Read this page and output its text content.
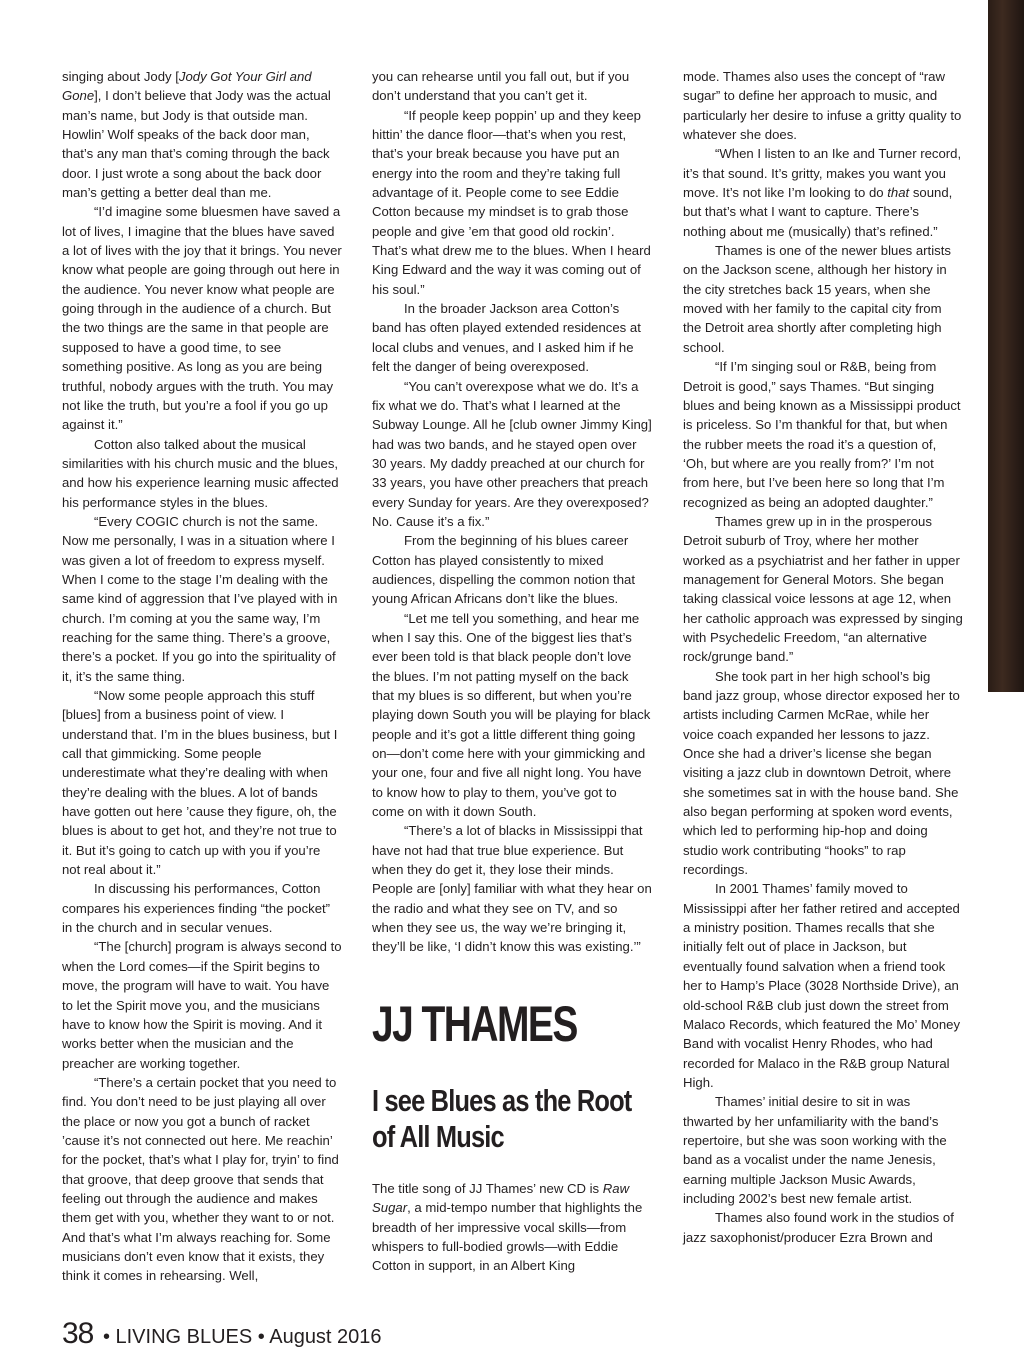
singing about Jody [Jody Got Your Girl and Gone], I don’t believe that Jody was the actual man’s name, but Jody is that outside man. Howlin’ Wolf speaks of the back door man, that’s any man that’s coming through the back door. I just wrote a song about the back door man’s getting a better deal than me.

“I’d imagine some bluesmen have saved a lot of lives, I imagine that the blues have saved a lot of lives with the joy that it brings. You never know what people are going through out here in the audience. You never know what people are going through in the audience of a church. But the two things are the same in that people are supposed to have a good time, to see something positive. As long as you are being truthful, nobody argues with the truth. You may not like the truth, but you’re a fool if you go up against it.”

Cotton also talked about the musical similarities with his church music and the blues, and how his experience learning music affected his performance styles in the blues.

“Every COGIC church is not the same. Now me personally, I was in a situation where I was given a lot of freedom to express myself. When I come to the stage I’m dealing with the same kind of aggression that I’ve played with in church. I’m coming at you the same way, I’m reaching for the same thing. There’s a groove, there’s a pocket. If you go into the spirituality of it, it’s the same thing.

“Now some people approach this stuff [blues] from a business point of view. I understand that. I’m in the blues business, but I call that gimmicking. Some people underestimate what they’re dealing with when they’re dealing with the blues. A lot of bands have gotten out here ’cause they figure, oh, the blues is about to get hot, and they’re not true to it. But it’s going to catch up with you if you’re not real about it.”

In discussing his performances, Cotton compares his experiences finding “the pocket” in the church and in secular venues.

“The [church] program is always second to when the Lord comes—if the Spirit begins to move, the program will have to wait. You have to let the Spirit move you, and the musicians have to know how the Spirit is moving. And it works better when the musician and the preacher are working together.

“There’s a certain pocket that you need to find. You don’t need to be just playing all over the place or now you got a bunch of racket ’cause it’s not connected out here. Me reachin’ for the pocket, that’s what I play for, tryin’ to find that groove, that deep groove that sends that feeling out through the audience and makes them get with you, whether they want to or not. And that’s what I’m always reaching for. Some musicians don’t even know that it exists, they think it comes in rehearsing. Well,

you can rehearse until you fall out, but if you don’t understand that you can’t get it.

“If people keep poppin’ up and they keep hittin’ the dance floor—that’s when you rest, that’s your break because you have put an energy into the room and they’re taking full advantage of it. People come to see Eddie Cotton because my mindset is to grab those people and give ’em that good old rockin’. That’s what drew me to the blues. When I heard King Edward and the way it was coming out of his soul.”

In the broader Jackson area Cotton’s band has often played extended residences at local clubs and venues, and I asked him if he felt the danger of being overexposed.

“You can’t overexpose what we do. It’s a fix what we do. That’s what I learned at the Subway Lounge. All he [club owner Jimmy King] had was two bands, and he stayed open over 30 years. My daddy preached at our church for 33 years, you have other preachers that preach every Sunday for years. Are they overexposed? No. Cause it’s a fix.”

From the beginning of his blues career Cotton has played consistently to mixed audiences, dispelling the common notion that young African Africans don’t like the blues.

“Let me tell you something, and hear me when I say this. One of the biggest lies that’s ever been told is that black people don’t love the blues. I’m not patting myself on the back that my blues is so different, but when you’re playing down South you will be playing for black people and it’s got a little different thing going on—don’t come here with your gimmicking and your one, four and five all night long. You have to know how to play to them, you’ve got to come on with it down South.

“There’s a lot of blacks in Mississippi that have not had that true blue experience. But when they do get it, they lose their minds. People are [only] familiar with what they hear on the radio and what they see on TV, and so when they see us, the way we’re bringing it, they’ll be like, ‘I didn’t know this was existing.’”

JJ THAMES
I see Blues as the Root of All Music

The title song of JJ Thames’ new CD is Raw Sugar, a mid-tempo number that highlights the breadth of her impressive vocal skills—from whispers to full-bodied growls—with Eddie Cotton in support, in an Albert King

mode. Thames also uses the concept of “raw sugar” to define her approach to music, and particularly her desire to infuse a gritty quality to whatever she does.

“When I listen to an Ike and Turner record, it’s that sound. It’s gritty, makes you want you move. It’s not like I’m looking to do that sound, but that’s what I want to capture. There’s nothing about me (musically) that’s refined.”

Thames is one of the newer blues artists on the Jackson scene, although her history in the city stretches back 15 years, when she moved with her family to the capital city from the Detroit area shortly after completing high school.

“If I’m singing soul or R&B, being from Detroit is good,” says Thames. “But singing blues and being known as a Mississippi product is priceless. So I’m thankful for that, but when the rubber meets the road it’s a question of, ‘Oh, but where are you really from?’ I’m not from here, but I’ve been here so long that I’m recognized as being an adopted daughter.”

Thames grew up in in the prosperous Detroit suburb of Troy, where her mother worked as a psychiatrist and her father in upper management for General Motors. She began taking classical voice lessons at age 12, when her catholic approach was expressed by singing with Psychedelic Freedom, “an alternative rock/grunge band.”

She took part in her high school’s big band jazz group, whose director exposed her to artists including Carmen McRae, while her voice coach expanded her lessons to jazz. Once she had a driver’s license she began visiting a jazz club in downtown Detroit, where she sometimes sat in with the house band. She also began performing at spoken word events, which led to performing hip-hop and doing studio work contributing “hooks” to rap recordings.

In 2001 Thames’ family moved to Mississippi after her father retired and accepted a ministry position. Thames recalls that she initially felt out of place in Jackson, but eventually found salvation when a friend took her to Hamp’s Place (3028 Northside Drive), an old-school R&B club just down the street from Malaco Records, which featured the Mo’ Money Band with vocalist Henry Rhodes, who had recorded for Malaco in the R&B group Natural High.

Thames’ initial desire to sit in was thwarted by her unfamiliarity with the band’s repertoire, but she was soon working with the band as a vocalist under the name Jenesis, earning multiple Jackson Music Awards, including 2002’s best new female artist.

Thames also found work in the studios of jazz saxophonist/producer Ezra Brown and

38 • LIVING BLUES • August 2016
